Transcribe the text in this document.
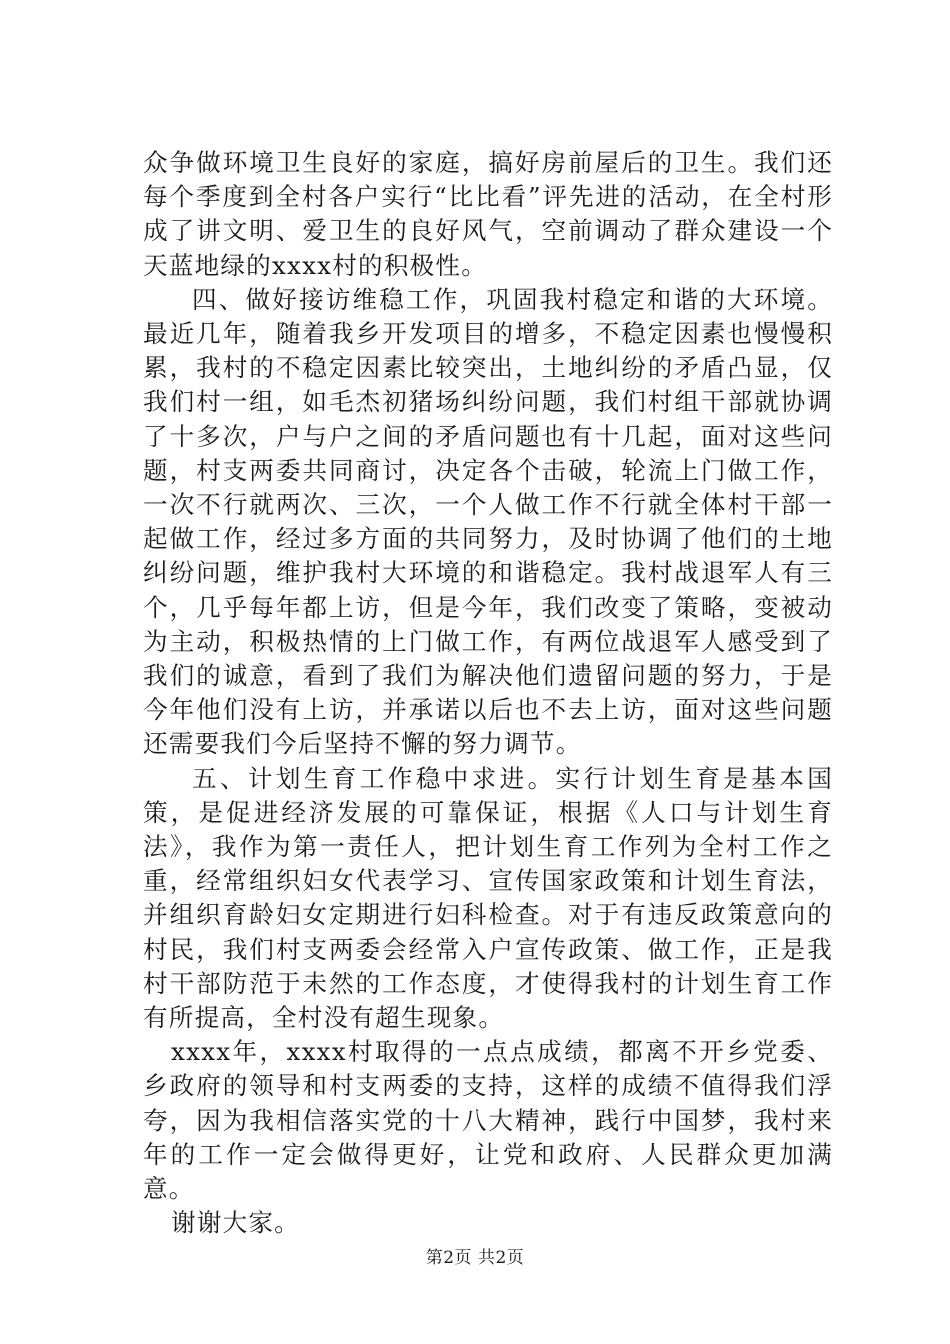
众争做环境卫生良好的家庭，搞好房前屋后的卫生。我们还每个季度到全村各户实行“比比看”评先进的活动，在全村形成了讲文明、爱卫生的良好风气，空前调动了群众建设一个天蓝地绿的xxxx村的积极性。

四、做好接访维稳工作，巩固我村稳定和谐的大环境。最近几年，随着我乡开发项目的增多，不稳定因素也慢慢积累，我村的不稳定因素比较突出，土地纠纷的矛盾凸显，仅我们村一组，如毛杰初猪场纠纷问题，我们村组干部就协调了十多次，户与户之间的矛盾问题也有十几起，面对这些问题，村支两委共同商讨，决定各个击破，轮流上门做工作，一次不行就两次、三次，一个人做工作不行就全体村干部一起做工作，经过多方面的共同努力，及时协调了他们的土地纠纷问题，维护我村大环境的和谐稳定。我村战退军人有三个，几乎每年都上访，但是今年，我们改变了策略，变被动为主动，积极热情的上门做工作，有两位战退军人感受到了我们的诚意，看到了我们为解决他们遗留问题的努力，于是今年他们没有上访，并承诺以后也不去上访，面对这些问题还需要我们今后坚持不懈的努力调节。

五、计划生育工作稳中求进。实行计划生育是基本国策，是促进经济发展的可靠保证，根据《人口与计划生育法》，我作为第一责任人，把计划生育工作列为全村工作之重，经常组织妇女代表学习、宣传国家政策和计划生育法，并组织育龄妇女定期进行妇科检查。对于有违反政策意向的村民，我们村支两委会经常入户宣传政策、做工作，正是我村干部防范于未然的工作态度，才使得我村的计划生育工作有所提高，全村没有超生现象。

xxxx年，xxxx村取得的一点点成绩，都离不开乡党委、乡政府的领导和村支两委的支持，这样的成绩不值得我们浮夸，因为我相信落实党的十八大精神，践行中国梦，我村来年的工作一定会做得更好，让党和政府、人民群众更加满意。

谢谢大家。

第2页 共2页
